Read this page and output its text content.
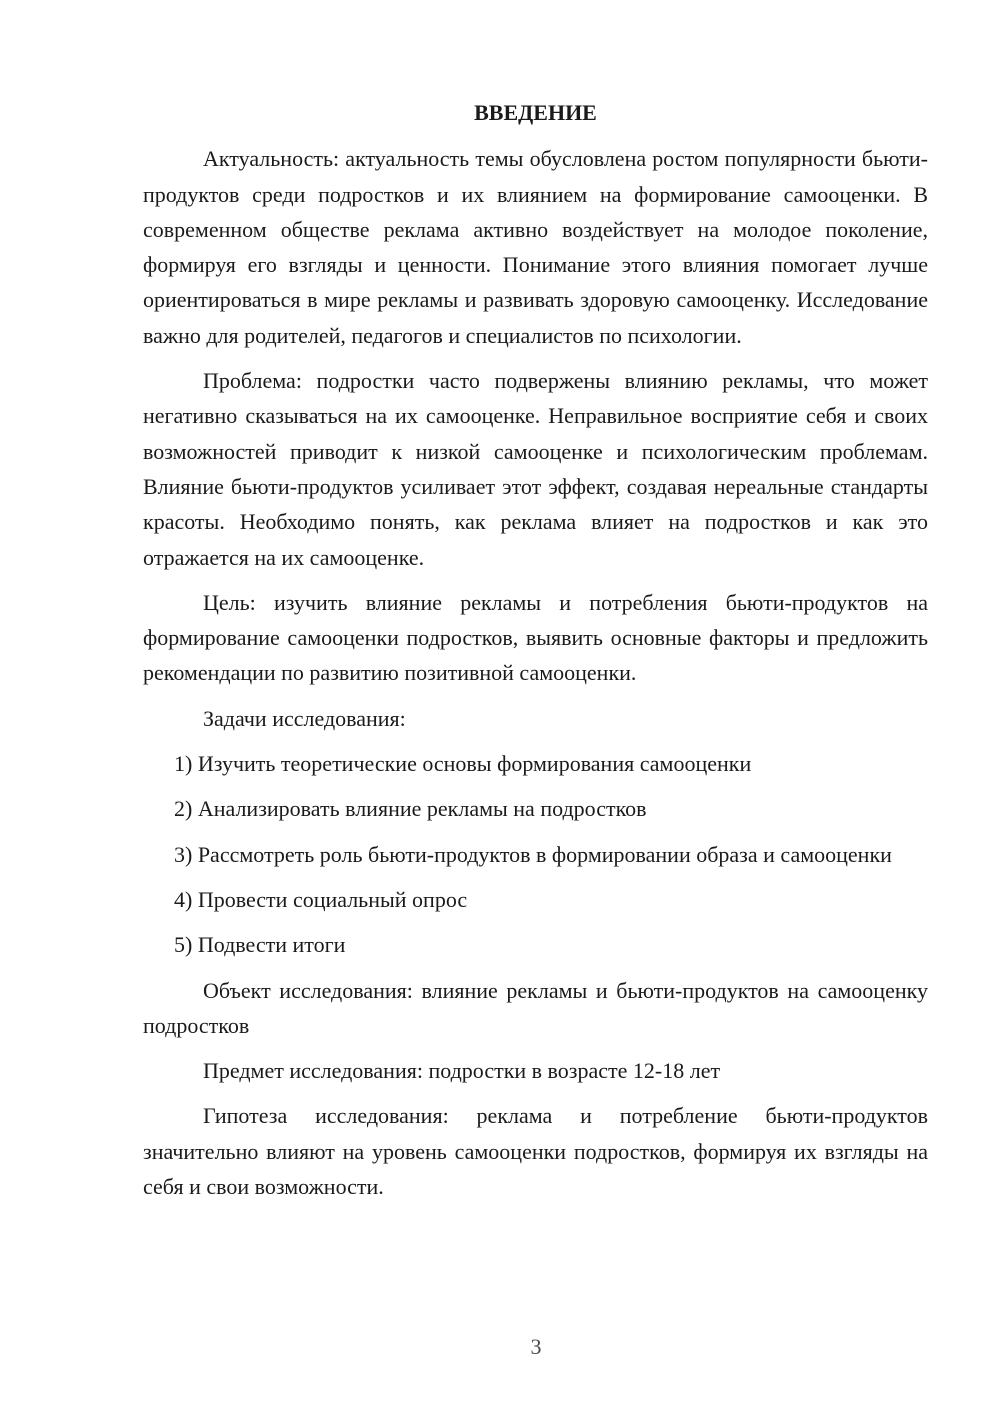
ВВЕДЕНИЕ

Актуальность: актуальность темы обусловлена ростом популярности бьюти-продуктов среди подростков и их влиянием на формирование самооценки. В современном обществе реклама активно воздействует на молодое поколение, формируя его взгляды и ценности. Понимание этого влияния помогает лучше ориентироваться в мире рекламы и развивать здоровую самооценку. Исследование важно для родителей, педагогов и специалистов по психологии.

Проблема: подростки часто подвержены влиянию рекламы, что может негативно сказываться на их самооценке. Неправильное восприятие себя и своих возможностей приводит к низкой самооценке и психологическим проблемам. Влияние бьюти-продуктов усиливает этот эффект, создавая нереальные стандарты красоты. Необходимо понять, как реклама влияет на подростков и как это отражается на их самооценке.

Цель: изучить влияние рекламы и потребления бьюти-продуктов на формирование самооценки подростков, выявить основные факторы и предложить рекомендации по развитию позитивной самооценки.

Задачи исследования:

1) Изучить теоретические основы формирования самооценки

2) Анализировать влияние рекламы на подростков

3) Рассмотреть роль бьюти-продуктов в формировании образа и самооценки

4) Провести социальный опрос

5) Подвести итоги

Объект исследования: влияние рекламы и бьюти-продуктов на самооценку подростков

Предмет исследования: подростки в возрасте 12-18 лет

Гипотеза исследования: реклама и потребление бьюти-продуктов значительно влияют на уровень самооценки подростков, формируя их взгляды на себя и свои возможности.

3
